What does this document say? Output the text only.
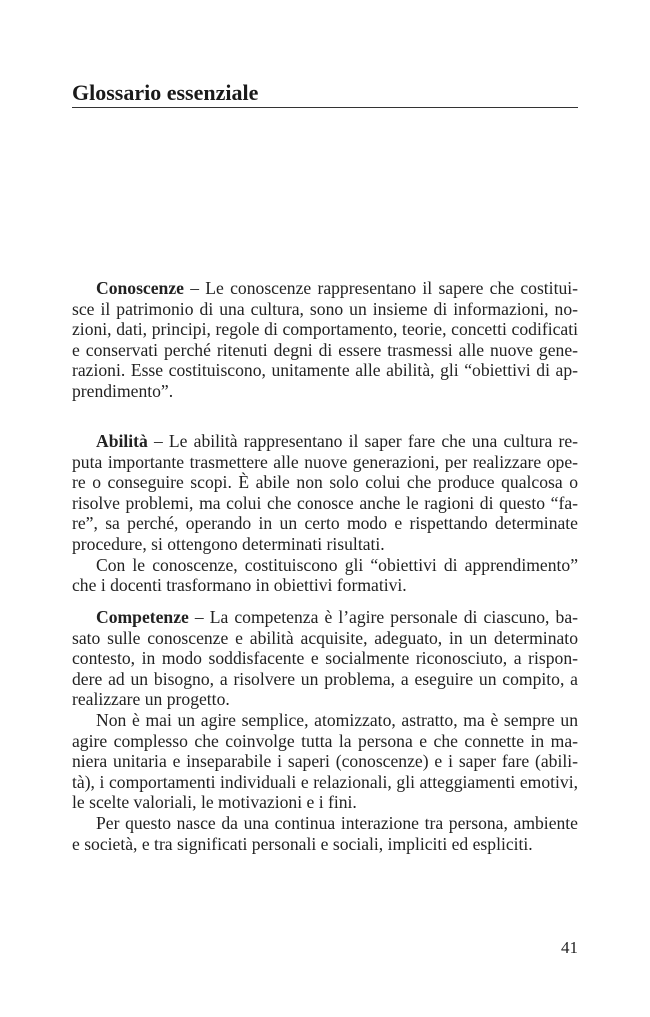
Glossario essenziale
Conoscenze – Le conoscenze rappresentano il sapere che costitui-
sce il patrimonio di una cultura, sono un insieme di informazioni, no-
zioni, dati, principi, regole di comportamento, teorie, concetti codificati
e conservati perché ritenuti degni di essere trasmessi alle nuove gene-
razioni. Esse costituiscono, unitamente alle abilità, gli “obiettivi di ap-
prendimento”.
Abilità – Le abilità rappresentano il saper fare che una cultura re-
puta importante trasmettere alle nuove generazioni, per realizzare ope-
re o conseguire scopi. È abile non solo colui che produce qualcosa o
risolve problemi, ma colui che conosce anche le ragioni di questo “fa-
re”, sa perché, operando in un certo modo e rispettando determinate
procedure, si ottengono determinati risultati.
Con le conoscenze, costituiscono gli “obiettivi di apprendimento”
che i docenti trasformano in obiettivi formativi.
Competenze – La competenza è l’agire personale di ciascuno, ba-
sato sulle conoscenze e abilità acquisite, adeguato, in un determinato
contesto, in modo soddisfacente e socialmente riconosciuto, a rispon-
dere ad un bisogno, a risolvere un problema, a eseguire un compito, a
realizzare un progetto.
Non è mai un agire semplice, atomizzato, astratto, ma è sempre un
agire complesso che coinvolge tutta la persona e che connette in ma-
niera unitaria e inseparabile i saperi (conoscenze) e i saper fare (abili-
tà), i comportamenti individuali e relazionali, gli atteggiamenti emotivi,
le scelte valoriali, le motivazioni e i fini.
Per questo nasce da una continua interazione tra persona, ambiente
e società, e tra significati personali e sociali, impliciti ed espliciti.
41
